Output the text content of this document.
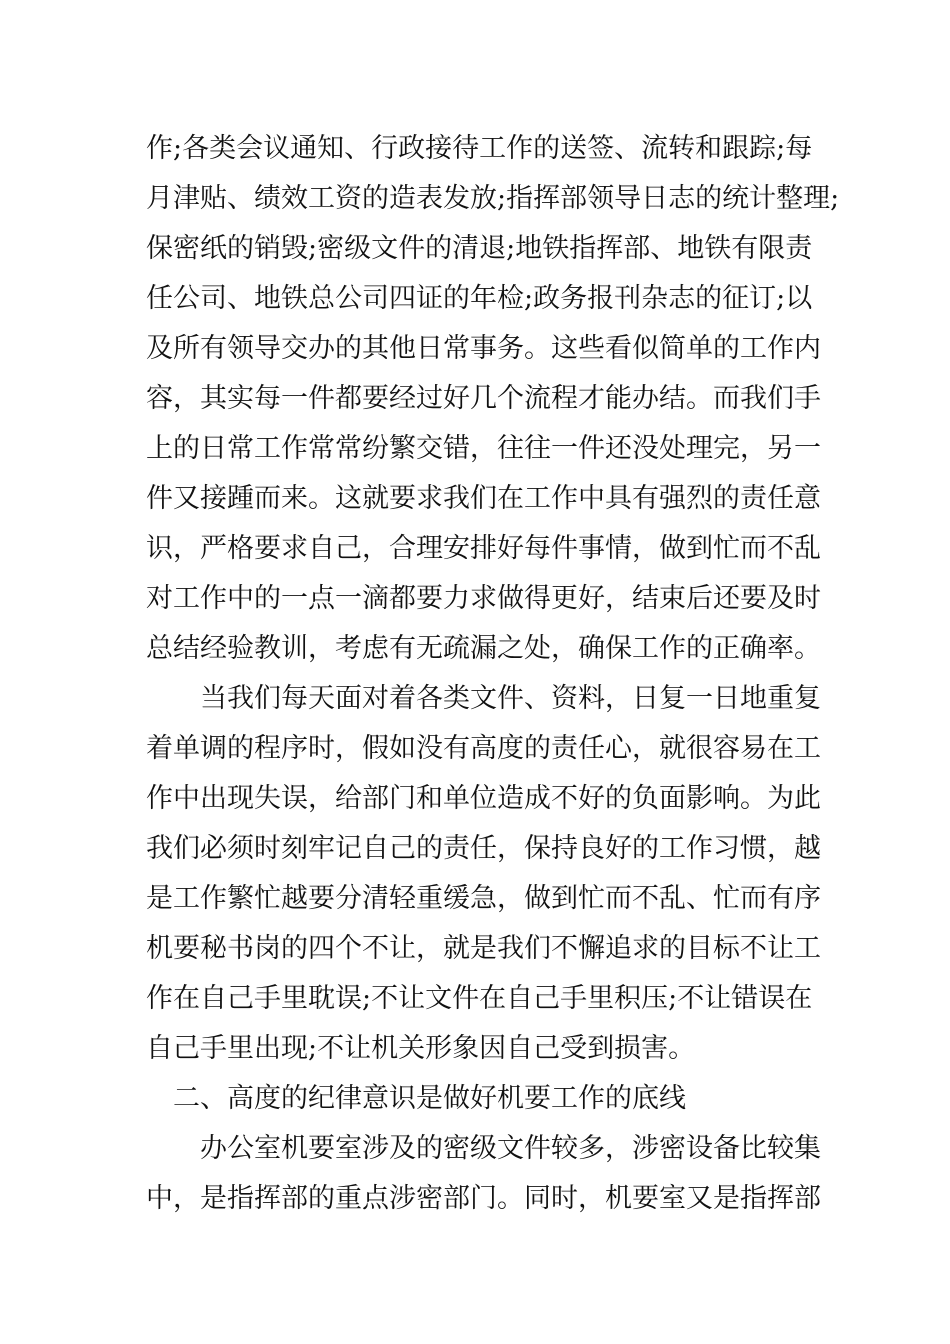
作;各类会议通知、行政接待工作的送签、流转和跟踪;每
月津贴、绩效工资的造表发放;指挥部领导日志的统计整理;
保密纸的销毁;密级文件的清退;地铁指挥部、地铁有限责
任公司、地铁总公司四证的年检;政务报刊杂志的征订;以
及所有领导交办的其他日常事务。这些看似简单的工作内
容，其实每一件都要经过好几个流程才能办结。而我们手
上的日常工作常常纷繁交错，往往一件还没处理完，另一
件又接踵而来。这就要求我们在工作中具有强烈的责任意
识，严格要求自己，合理安排好每件事情，做到忙而不乱
对工作中的一点一滴都要力求做得更好，结束后还要及时
总结经验教训，考虑有无疏漏之处，确保工作的正确率。
　　当我们每天面对着各类文件、资料，日复一日地重复
着单调的程序时，假如没有高度的责任心，就很容易在工
作中出现失误，给部门和单位造成不好的负面影响。为此
我们必须时刻牢记自己的责任，保持良好的工作习惯，越
是工作繁忙越要分清轻重缓急，做到忙而不乱、忙而有序
机要秘书岗的四个不让，就是我们不懈追求的目标不让工
作在自己手里耽误;不让文件在自己手里积压;不让错误在
自己手里出现;不让机关形象因自己受到损害。
　二、高度的纪律意识是做好机要工作的底线
　　办公室机要室涉及的密级文件较多，涉密设备比较集
中，是指挥部的重点涉密部门。同时，机要室又是指挥部
